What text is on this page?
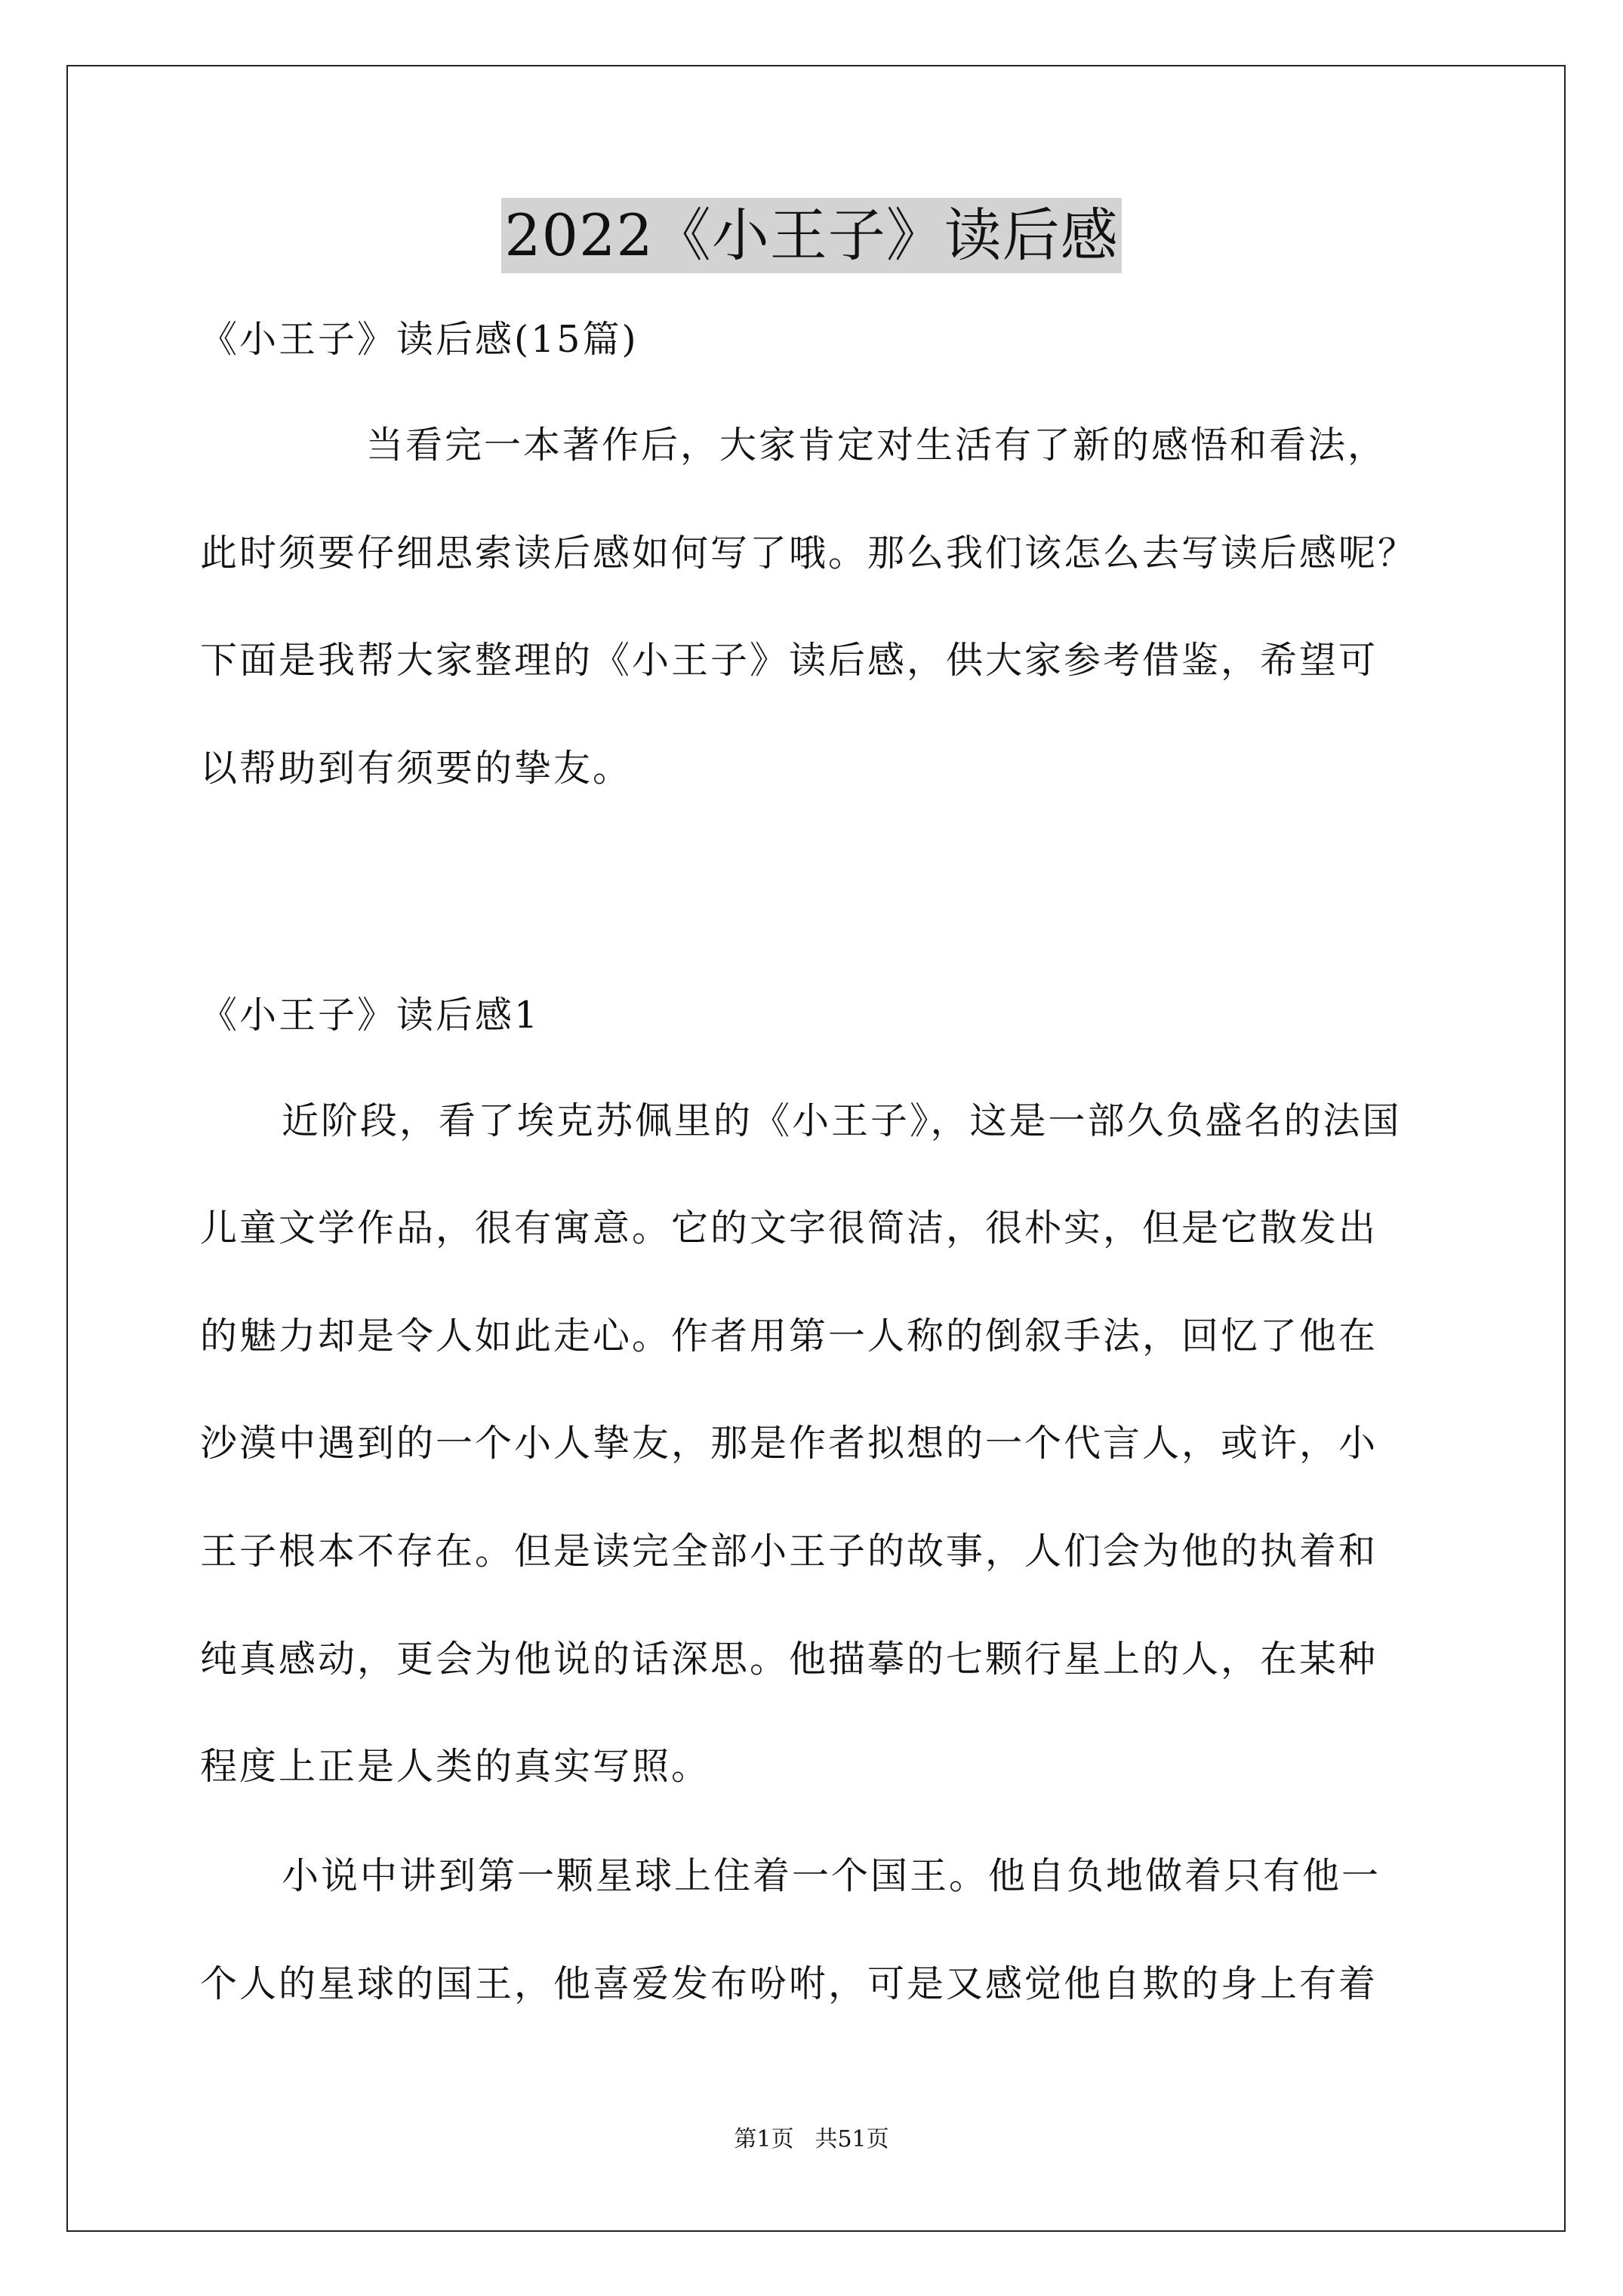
2022《小王子》读后感
《小王子》读后感(15篇)
当看完一本著作后，大家肯定对生活有了新的感悟和看法，
此时须要仔细思索读后感如何写了哦。那么我们该怎么去写读后感呢？
下面是我帮大家整理的《小王子》读后感，供大家参考借鉴，希望可
以帮助到有须要的挚友。
《小王子》读后感1
近阶段，看了埃克苏佩里的《小王子》，这是一部久负盛名的法国
儿童文学作品，很有寓意。它的文字很简洁，很朴实，但是它散发出
的魅力却是令人如此走心。作者用第一人称的倒叙手法，回忆了他在
沙漠中遇到的一个小人挚友，那是作者拟想的一个代言人，或许，小
王子根本不存在。但是读完全部小王子的故事，人们会为他的执着和
纯真感动，更会为他说的话深思。他描摹的七颗行星上的人，在某种
程度上正是人类的真实写照。
小说中讲到第一颗星球上住着一个国王。他自负地做着只有他一
个人的星球的国王，他喜爱发布吩咐，可是又感觉他自欺的身上有着
第1页 共51页
